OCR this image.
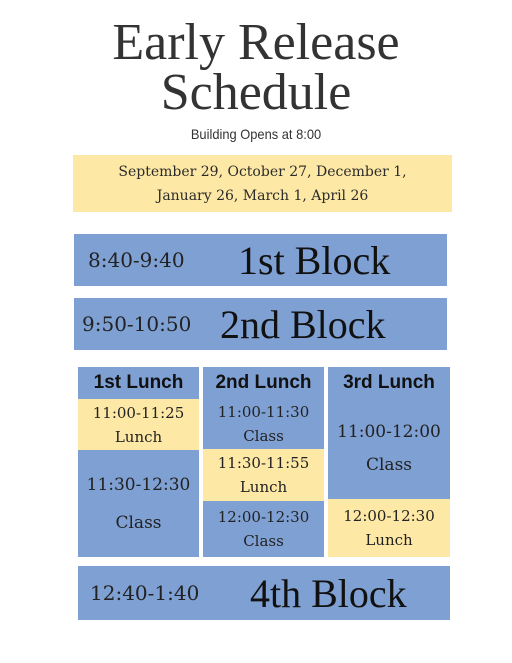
Early Release
Schedule
Building Opens at 8:00
September 29, October 27, December 1,
January 26, March 1, April 26
8:40-9:40	1st Block
9:50-10:50 2nd Block
1st Lunch
11:00-11:25
Lunch
11:30-12:30
Class
2nd Lunch
11:00-11:30
Class
11:30-11:55
Lunch
12:00-12:30
Class
3rd Lunch
11:00-12:00
Class
12:00-12:30
Lunch
12:40-1:40	4th Block
